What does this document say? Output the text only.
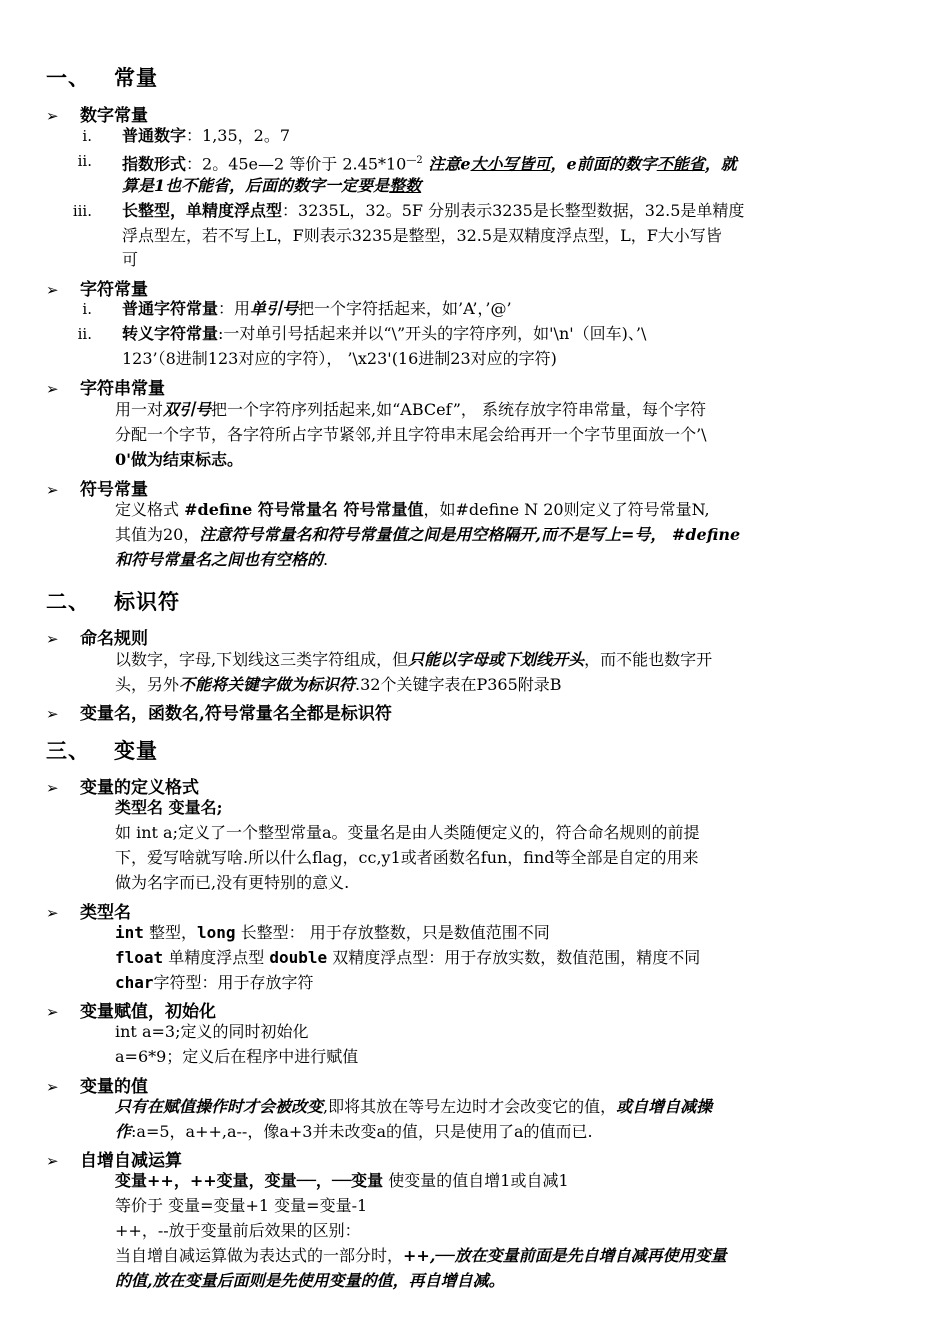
一、 常量
➢ 数字常量
i. 普通数字：1,35，2。7
ii. 指数形式：2。45e—2 等价于 $2.45*10^{—2}$ 注意e大小写皆可，e前面的数字不能省，就
算是1也不能省，后面的数字一定要是整数
iii. 长整型，单精度浮点型：3235L，32。5F 分别表示3235是长整型数据，32.5是单精度
浮点型左，若不写上L，F则表示3235是整型，32.5是双精度浮点型，L，F大小写皆
可
➢ 字符常量
i. 普通字符常量：用单引号把一个字符括起来，如’A’，’@’
ii. 转义字符常量:一对单引号括起来并以“\”开头的字符序列，如'\n'（回车)、’\
123’（8进制123对应的字符）， ’\x23'(16进制23对应的字符)
➢ 字符串常量
用一对双引号把一个字符序列括起来,如“ABCef”， 系统存放字符串常量，每个字符
分配一个字节，各字符所占字节紧邻,并且字符串末尾会给再开一个字节里面放一个’\
0'做为结束标志。
➢ 符号常量
定义格式 #define 符号常量名 符号常量值，如#define N 20则定义了符号常量N,
其值为20，注意符号常量名和符号常量值之间是用空格隔开,而不是写上=号， #define
和符号常量名之间也有空格的.
二、 标识符
➢ 命名规则
以数字，字母,下划线这三类字符组成，但只能以字母或下划线开头，而不能也数字开
头，另外不能将关键字做为标识符.32个关键字表在P365附录B
➢ 变量名，函数名,符号常量名全都是标识符
三、 变量
➢ 变量的定义格式
类型名 变量名;
如 int a;定义了一个整型常量a。变量名是由人类随便定义的，符合命名规则的前提
下，爱写啥就写啥.所以什么flag，cc,y1或者函数名fun，find等全部是自定的用来
做为名字而已,没有更特别的意义.
➢ 类型名
int 整型，long 长整型： 用于存放整数，只是数值范围不同
float 单精度浮点型 double 双精度浮点型：用于存放实数，数值范围，精度不同
char字符型：用于存放字符
➢ 变量赋值，初始化
int a=3;定义的同时初始化
a=6*9；定义后在程序中进行赋值
➢ 变量的值
只有在赋值操作时才会被改变,即将其放在等号左边时才会改变它的值，或自增自减操
作:a=5，a++,a--，像a+3并未改变a的值，只是使用了a的值而已.
➢ 自增自减运算
变量++，++变量，变量──，──变量 使变量的值自增1或自减1
等价于 变量=变量+1 变量=变量-1
++，--放于变量前后效果的区别：
当自增自减运算做为表达式的一部分时，++,──放在变量前面是先自增自减再使用变量
的值,放在变量后面则是先使用变量的值，再自增自减。
